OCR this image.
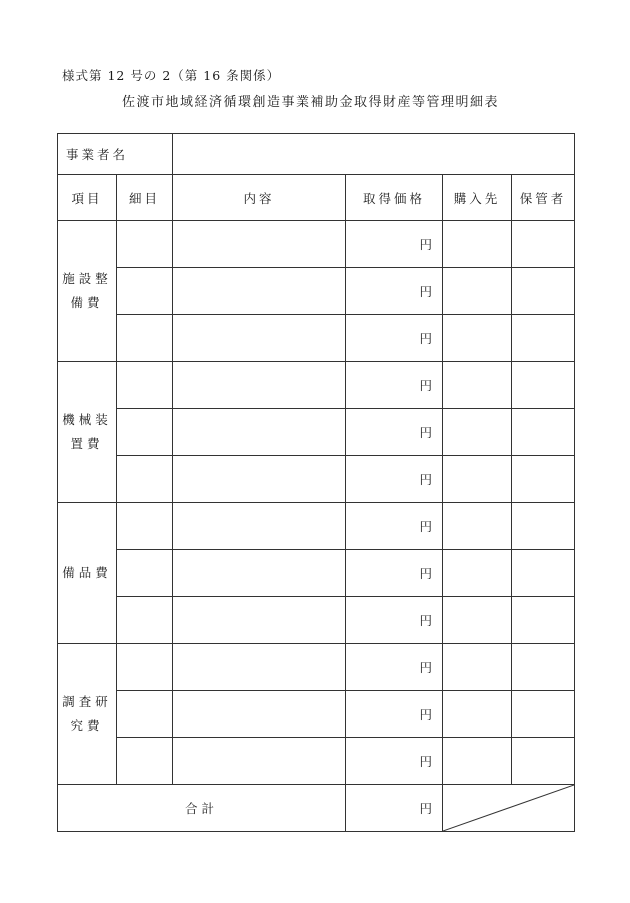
様式第 12 号の 2（第 16 条関係）
佐渡市地域経済循環創造事業補助金取得財産等管理明細表
事業者名					
項目	細目	内容	取得価格	購入先	保管者

施設整
備費			円		
			円		
			円		

機械装
置費			円		
			円		
			円		

備品費			円		
			円		
			円		

調査研
究費			円		
			円		
			円		
合計			円	
